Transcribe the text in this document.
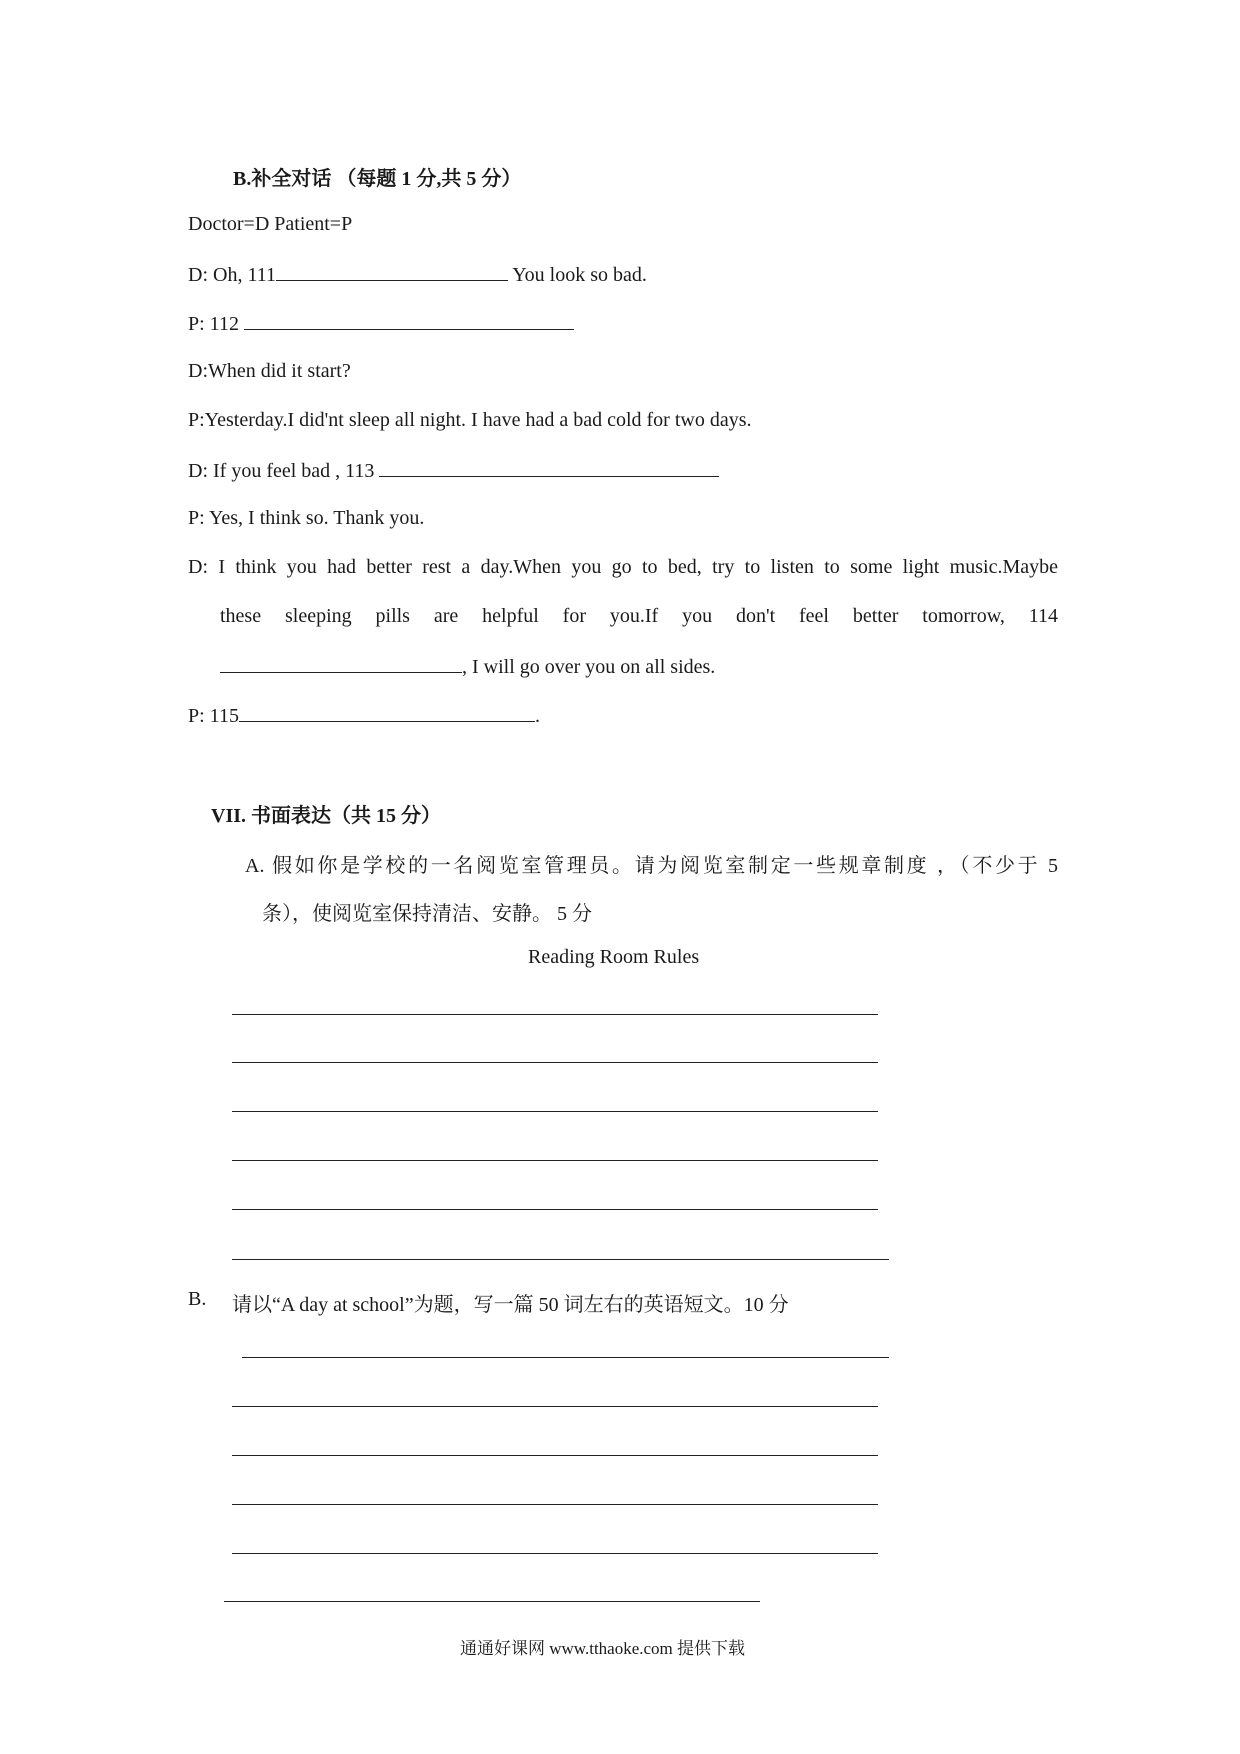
B.补全对话 （每题 1 分,共 5 分）
Doctor=D Patient=P
D: Oh, 111	You look so bad.
P: 112
D:When did it start?
P:Yesterday.I did'nt sleep all night. I have had a bad cold for two days.
D: If you feel bad , 113
P: Yes, I think so. Thank you.
D: I think you had better rest a day.When you go to bed, try to listen to some light music.Maybe
these sleeping pills are helpful for you.If you don't feel better tomorrow, 114
, I will go over you on all sides.
P: 115	.
VII. 书面表达（共 15 分）
A. 假如你是学校的一名阅览室管理员。请为阅览室制定一些规章制度 ，（不少于 5
条），使阅览室保持清洁、安静。 5 分
Reading Room Rules
B. 请以“A day at school”为题，写一篇 50 词左右的英语短文。10 分
通通好课网 www.tthaoke.com 提供下载
